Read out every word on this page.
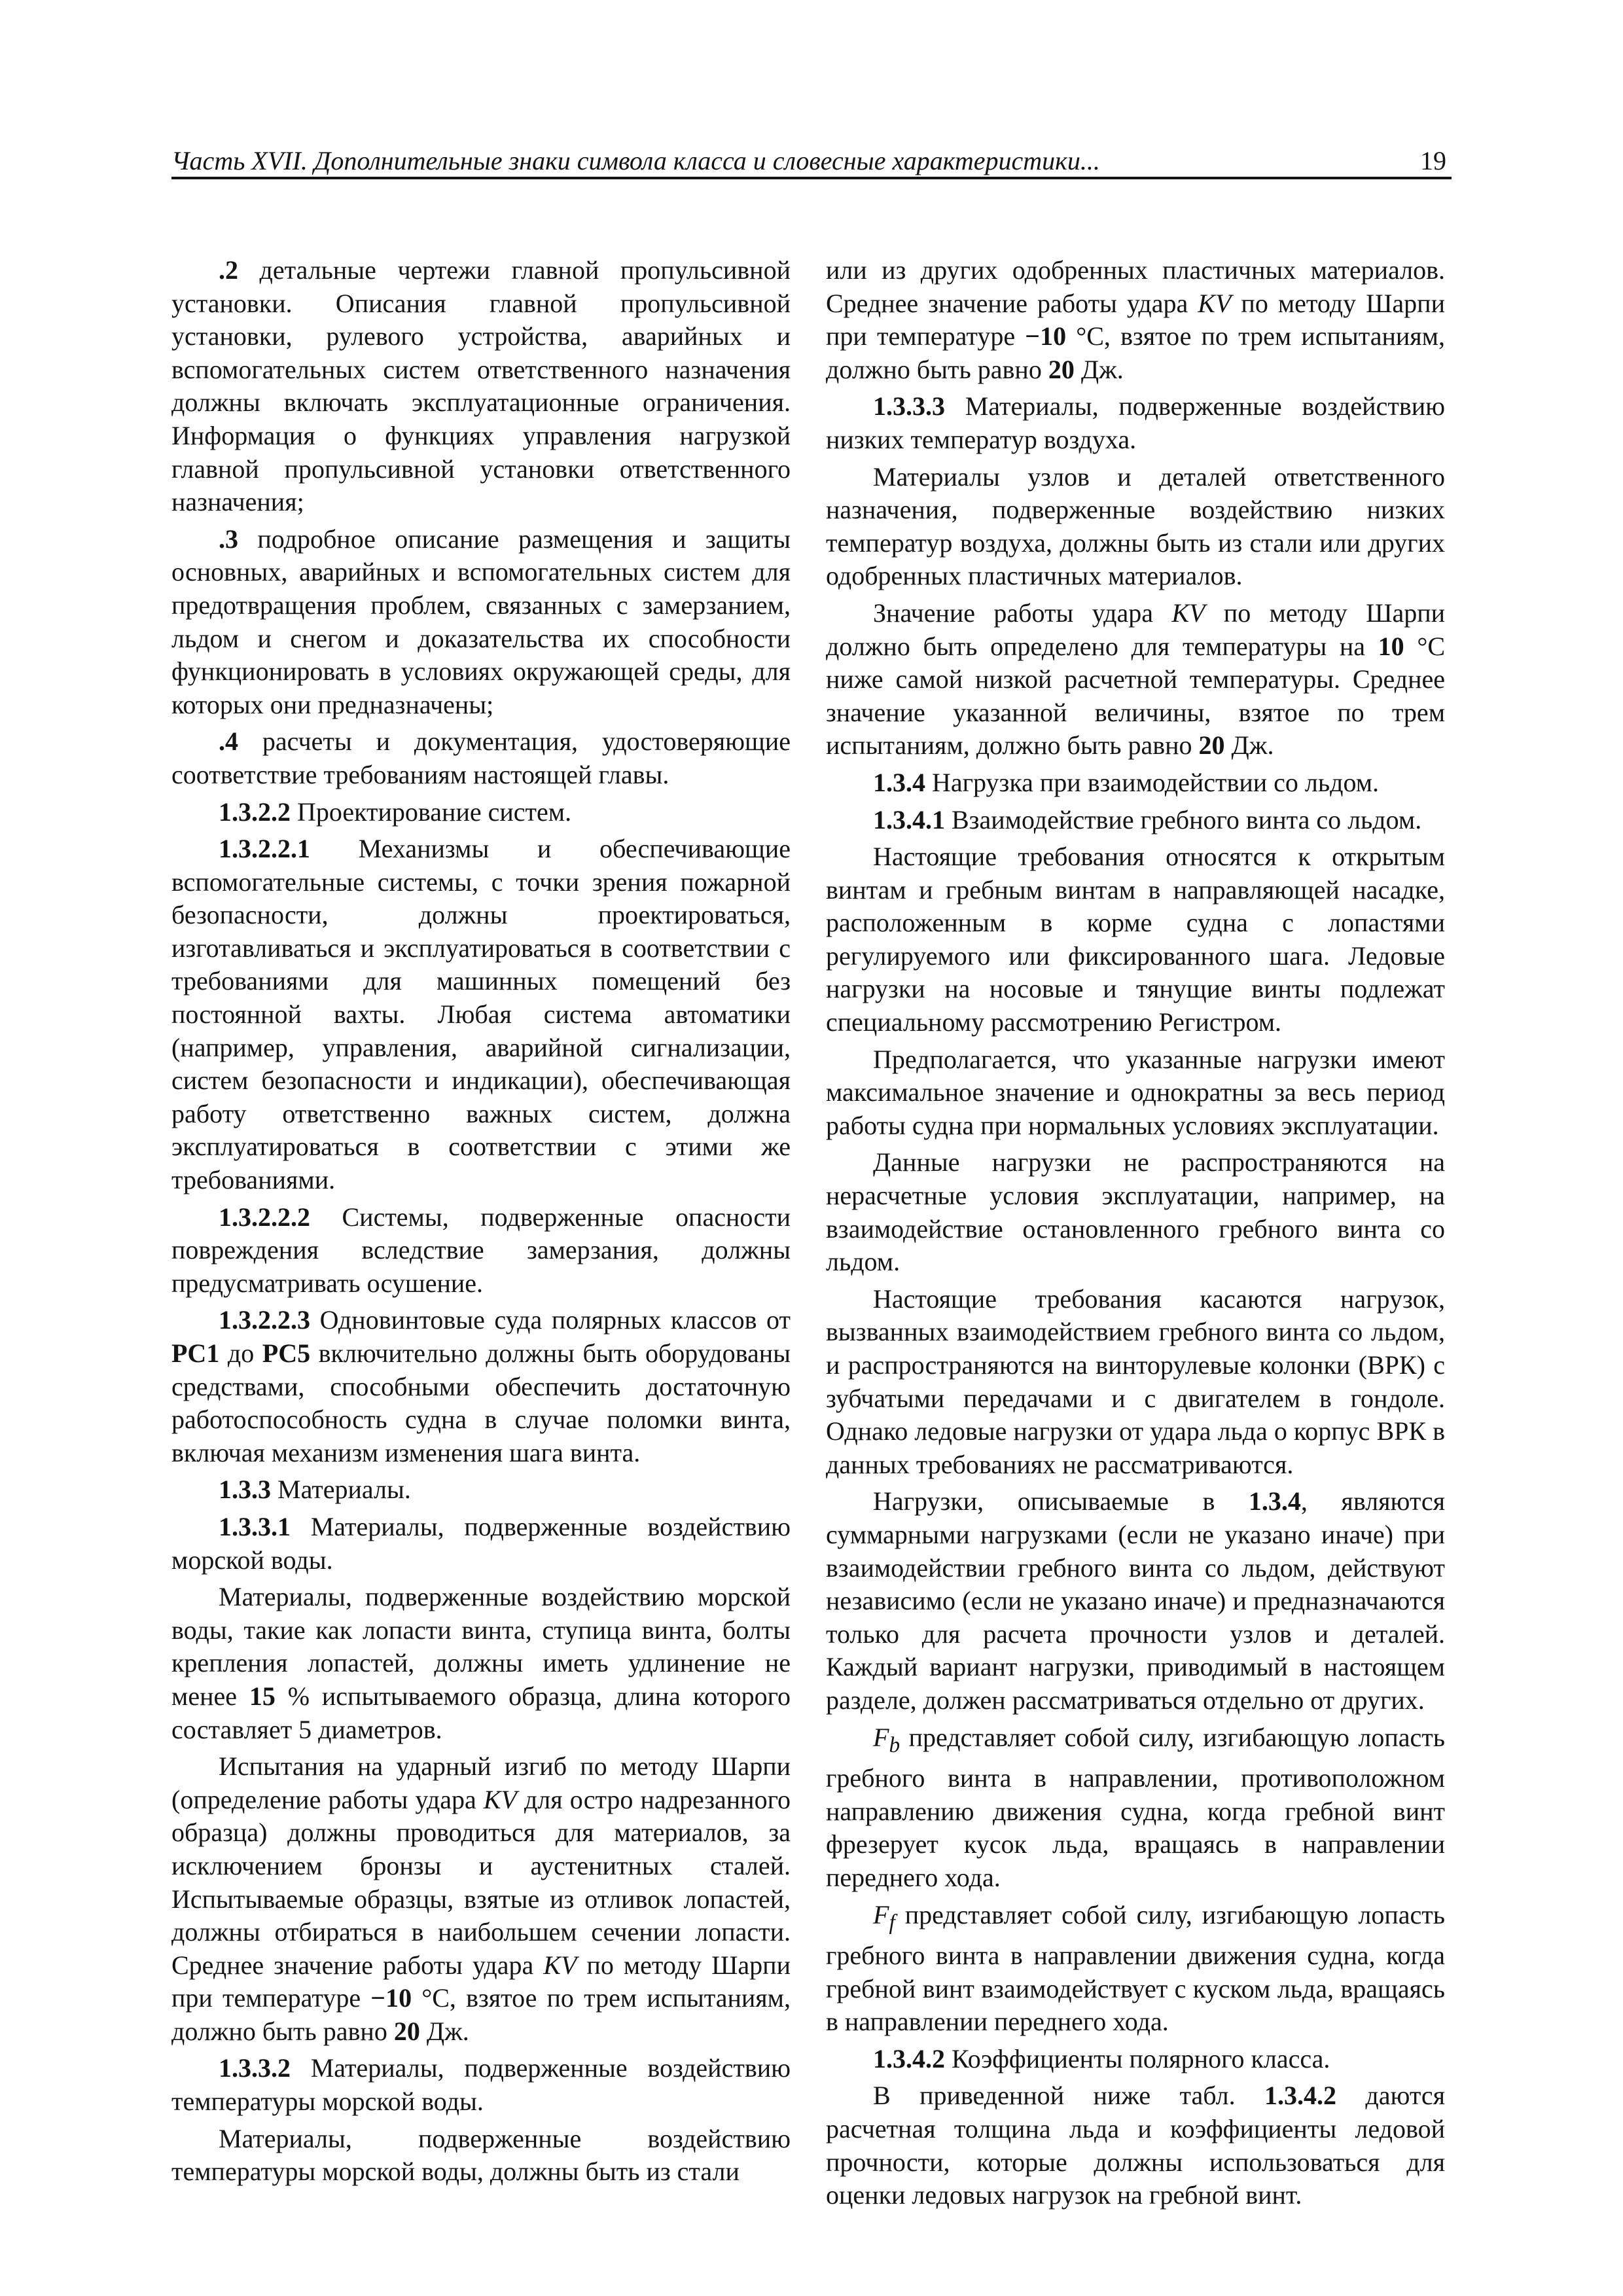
Часть XVII. Дополнительные знаки символа класса и словесные характеристики...	19

.2 детальные чертежи главной пропульсивной установки. Описания главной пропульсивной установки, рулевого устройства, аварийных и вспомогательных систем ответственного назначения должны включать эксплуатационные ограничения. Информация о функциях управления нагрузкой главной пропульсивной установки ответственного назначения;

.3 подробное описание размещения и защиты основных, аварийных и вспомогательных систем для предотвращения проблем, связанных с замерзанием, льдом и снегом и доказательства их способности функционировать в условиях окружающей среды, для которых они предназначены;

.4 расчеты и документация, удостоверяющие соответствие требованиям настоящей главы.

1.3.2.2 Проектирование систем.

1.3.2.2.1 Механизмы и обеспечивающие вспомогательные системы, с точки зрения пожарной безопасности, должны проектироваться, изготавливаться и эксплуатироваться в соответствии с требованиями для машинных помещений без постоянной вахты. Любая система автоматики (например, управления, аварийной сигнализации, систем безопасности и индикации), обеспечивающая работу ответственно важных систем, должна эксплуатироваться в соответствии с этими же требованиями.

1.3.2.2.2 Системы, подверженные опасности повреждения вследствие замерзания, должны предусматривать осушение.

1.3.2.2.3 Одновинтовые суда полярных классов от PC1 до PC5 включительно должны быть оборудованы средствами, способными обеспечить достаточную работоспособность судна в случае поломки винта, включая механизм изменения шага винта.

1.3.3 Материалы.

1.3.3.1 Материалы, подверженные воздействию морской воды.

Материалы, подверженные воздействию морской воды, такие как лопасти винта, ступица винта, болты крепления лопастей, должны иметь удлинение не менее 15 % испытываемого образца, длина которого составляет 5 диаметров.

Испытания на ударный изгиб по методу Шарпи (определение работы удара KV для остро надрезанного образца) должны проводиться для материалов, за исключением бронзы и аустенитных сталей. Испытываемые образцы, взятые из отливок лопастей, должны отбираться в наибольшем сечении лопасти. Среднее значение работы удара KV по методу Шарпи при температуре −10 °С, взятое по трем испытаниям, должно быть равно 20 Дж.

1.3.3.2 Материалы, подверженные воздействию температуры морской воды.

Материалы, подверженные воздействию температуры морской воды, должны быть из стали

или из других одобренных пластичных материалов. Среднее значение работы удара KV по методу Шарпи при температуре −10 °С, взятое по трем испытаниям, должно быть равно 20 Дж.

1.3.3.3 Материалы, подверженные воздействию низких температур воздуха.

Материалы узлов и деталей ответственного назначения, подверженные воздействию низких температур воздуха, должны быть из стали или других одобренных пластичных материалов.

Значение работы удара KV по методу Шарпи должно быть определено для температуры на 10 °С ниже самой низкой расчетной температуры. Среднее значение указанной величины, взятое по трем испытаниям, должно быть равно 20 Дж.

1.3.4 Нагрузка при взаимодействии со льдом.

1.3.4.1 Взаимодействие гребного винта со льдом.

Настоящие требования относятся к открытым винтам и гребным винтам в направляющей насадке, расположенным в корме судна с лопастями регулируемого или фиксированного шага. Ледовые нагрузки на носовые и тянущие винты подлежат специальному рассмотрению Регистром.

Предполагается, что указанные нагрузки имеют максимальное значение и однократны за весь период работы судна при нормальных условиях эксплуатации.

Данные нагрузки не распространяются на нерасчетные условия эксплуатации, например, на взаимодействие остановленного гребного винта со льдом.

Настоящие требования касаются нагрузок, вызванных взаимодействием гребного винта со льдом, и распространяются на винторулевые колонки (ВРК) с зубчатыми передачами и с двигателем в гондоле. Однако ледовые нагрузки от удара льда о корпус ВРК в данных требованиях не рассматриваются.

Нагрузки, описываемые в 1.3.4, являются суммарными нагрузками (если не указано иначе) при взаимодействии гребного винта со льдом, действуют независимо (если не указано иначе) и предназначаются только для расчета прочности узлов и деталей. Каждый вариант нагрузки, приводимый в настоящем разделе, должен рассматриваться отдельно от других.

$F_b$ представляет собой силу, изгибающую лопасть гребного винта в направлении, противоположном направлению движения судна, когда гребной винт фрезерует кусок льда, вращаясь в направлении переднего хода.

$F_f$ представляет собой силу, изгибающую лопасть гребного винта в направлении движения судна, когда гребной винт взаимодействует с куском льда, вращаясь в направлении переднего хода.

1.3.4.2 Коэффициенты полярного класса.

В приведенной ниже табл. 1.3.4.2 даются расчетная толщина льда и коэффициенты ледовой прочности, которые должны использоваться для оценки ледовых нагрузок на гребной винт.
